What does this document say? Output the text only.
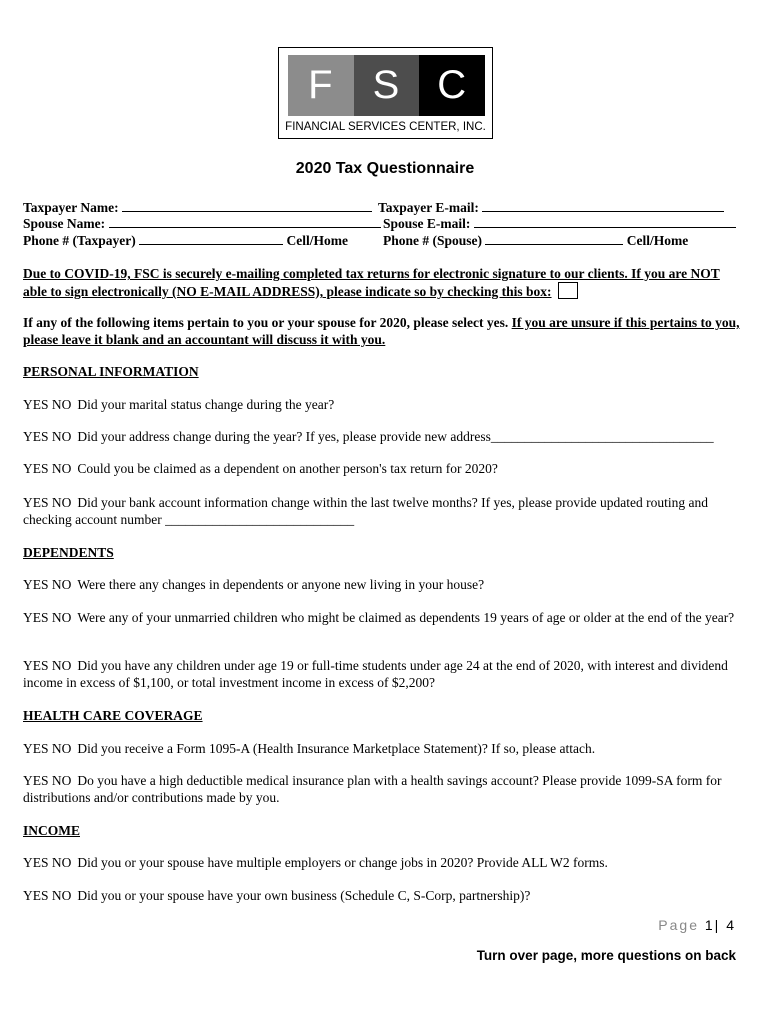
F S C
FINANCIAL SERVICES CENTER, INC.
2020 Tax Questionnaire
Taxpayer Name:	Taxpayer E-mail:
Spouse Name:	Spouse E-mail:
Phone # (Taxpayer)	Cell/Home	Phone # (Spouse)	Cell/Home
Due to COVID-19, FSC is securely e-mailing completed tax returns for electronic signature to our clients. If you are NOT able to sign electronically (NO E-MAIL ADDRESS), please indicate so by checking this box:
If any of the following items pertain to you or your spouse for 2020, please select yes. If you are unsure if this pertains to you, please leave it blank and an accountant will discuss it with you.
PERSONAL INFORMATION
YES NO Did your marital status change during the year?
YES NO Did your address change during the year? If yes, please provide new address_________________________________
YES NO Could you be claimed as a dependent on another person's tax return for 2020?
YES NO Did your bank account information change within the last twelve months? If yes, please provide updated routing and checking account number ____________________________
DEPENDENTS
YES NO Were there any changes in dependents or anyone new living in your house?
YES NO Were any of your unmarried children who might be claimed as dependents 19 years of age or older at the end of the year?
YES NO Did you have any children under age 19 or full-time students under age 24 at the end of 2020, with interest and dividend income in excess of $1,100, or total investment income in excess of $2,200?
HEALTH CARE COVERAGE
YES NO Did you receive a Form 1095-A (Health Insurance Marketplace Statement)? If so, please attach.
YES NO Do you have a high deductible medical insurance plan with a health savings account? Please provide 1099-SA form for distributions and/or contributions made by you.
INCOME
YES NO Did you or your spouse have multiple employers or change jobs in 2020? Provide ALL W2 forms.
YES NO Did you or your spouse have your own business (Schedule C, S-Corp, partnership)?
Page 1| 4
Turn over page, more questions on back
